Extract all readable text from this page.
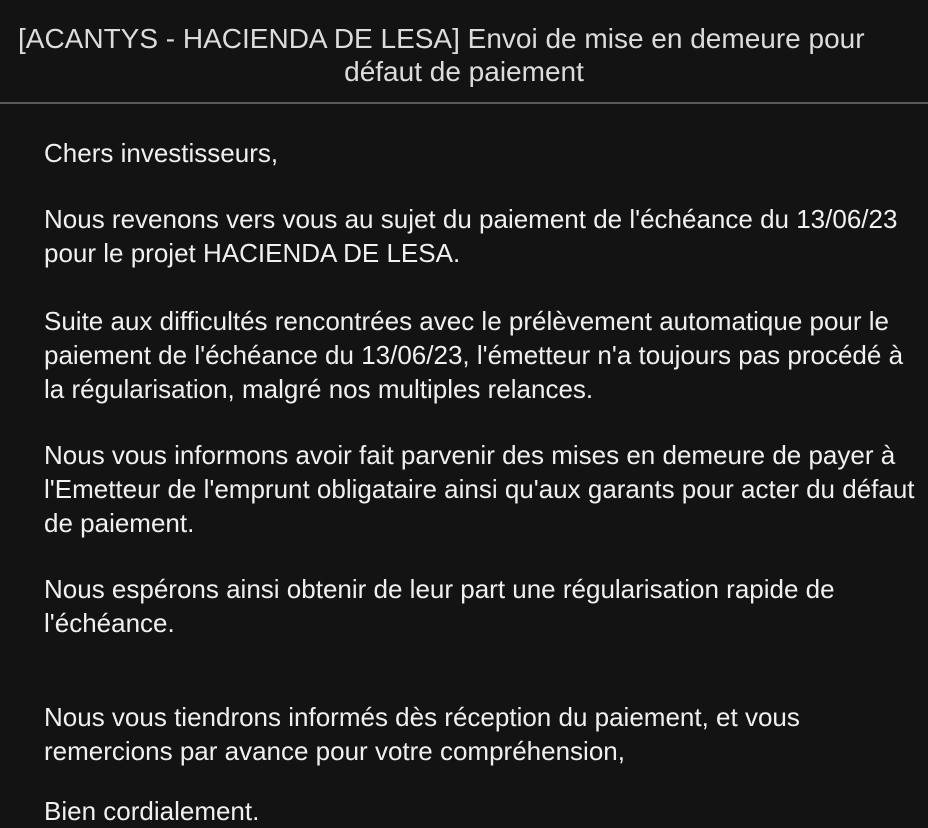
[ACANTYS - HACIENDA DE LESA] Envoi de mise en demeure pour
défaut de paiement

Chers investisseurs,

Nous revenons vers vous au sujet du paiement de l'échéance du 13/06/23 pour le projet HACIENDA DE LESA.

Suite aux difficultés rencontrées avec le prélèvement automatique pour le paiement de l'échéance du 13/06/23, l'émetteur n'a toujours pas procédé à la régularisation, malgré nos multiples relances.

Nous vous informons avoir fait parvenir des mises en demeure de payer à l'Emetteur de l'emprunt obligataire ainsi qu'aux garants pour acter du défaut de paiement.

Nous espérons ainsi obtenir de leur part une régularisation rapide de l'échéance.

Nous vous tiendrons informés dès réception du paiement, et vous remercions par avance pour votre compréhension,

Bien cordialement.
